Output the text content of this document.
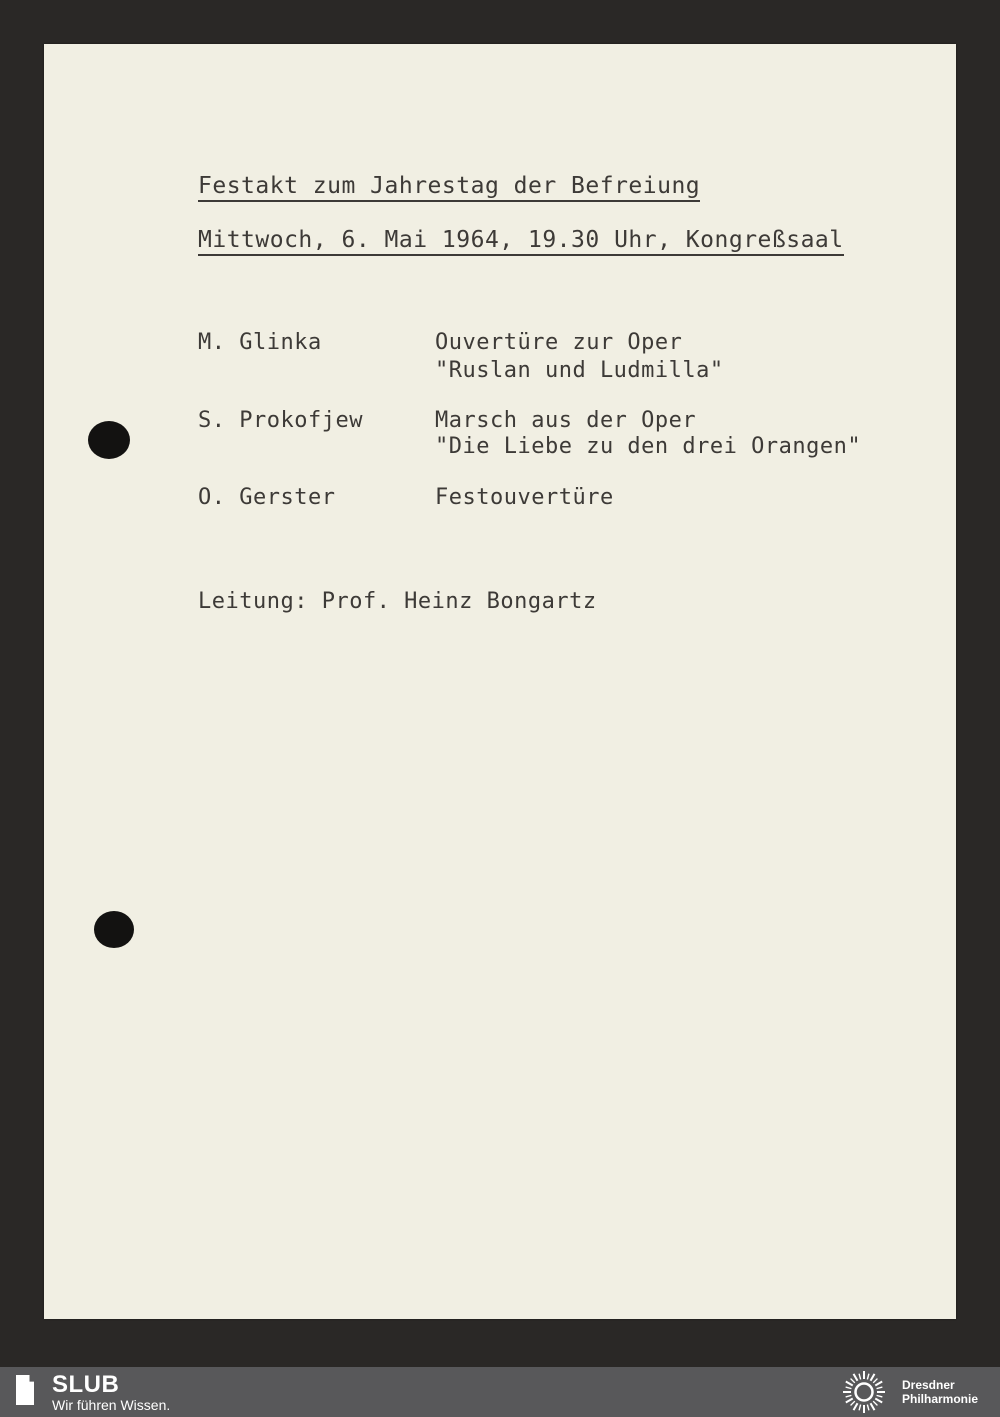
Festakt zum Jahrestag der Befreiung
Mittwoch, 6. Mai 1964, 19.30 Uhr, Kongreßsaal
M. Glinka	Ouvertüre zur Oper
"Ruslan und Ludmilla"
S. Prokofjew	Marsch aus der Oper
"Die Liebe zu den drei Orangen"
O. Gerster	Festouvertüre
Leitung: Prof. Heinz Bongartz
SLUB
Wir führen Wissen.
Dresdner
Philharmonie
